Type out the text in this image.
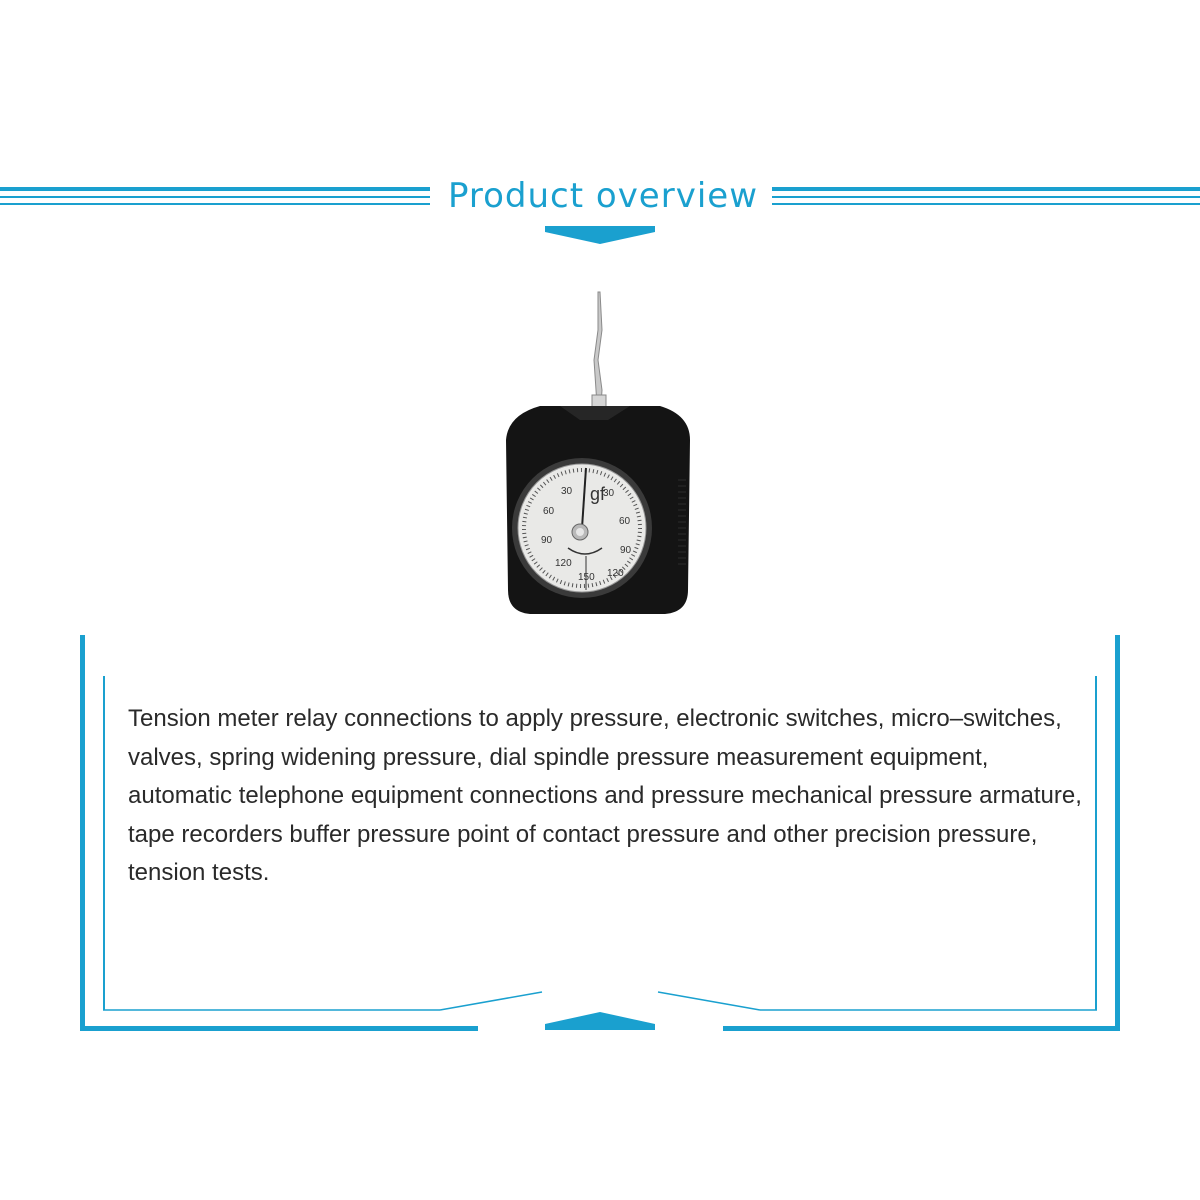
gf
30
60
90
120
30
60
90
120
150
Product overview

Tension meter relay connections to apply pressure, electronic switches, micro–switches, valves, spring widening pressure, dial spindle pressure measurement equipment, automatic telephone equipment connections and pressure mechanical pressure armature, tape recorders buffer pressure point of contact pressure and other precision pressure, tension tests.
